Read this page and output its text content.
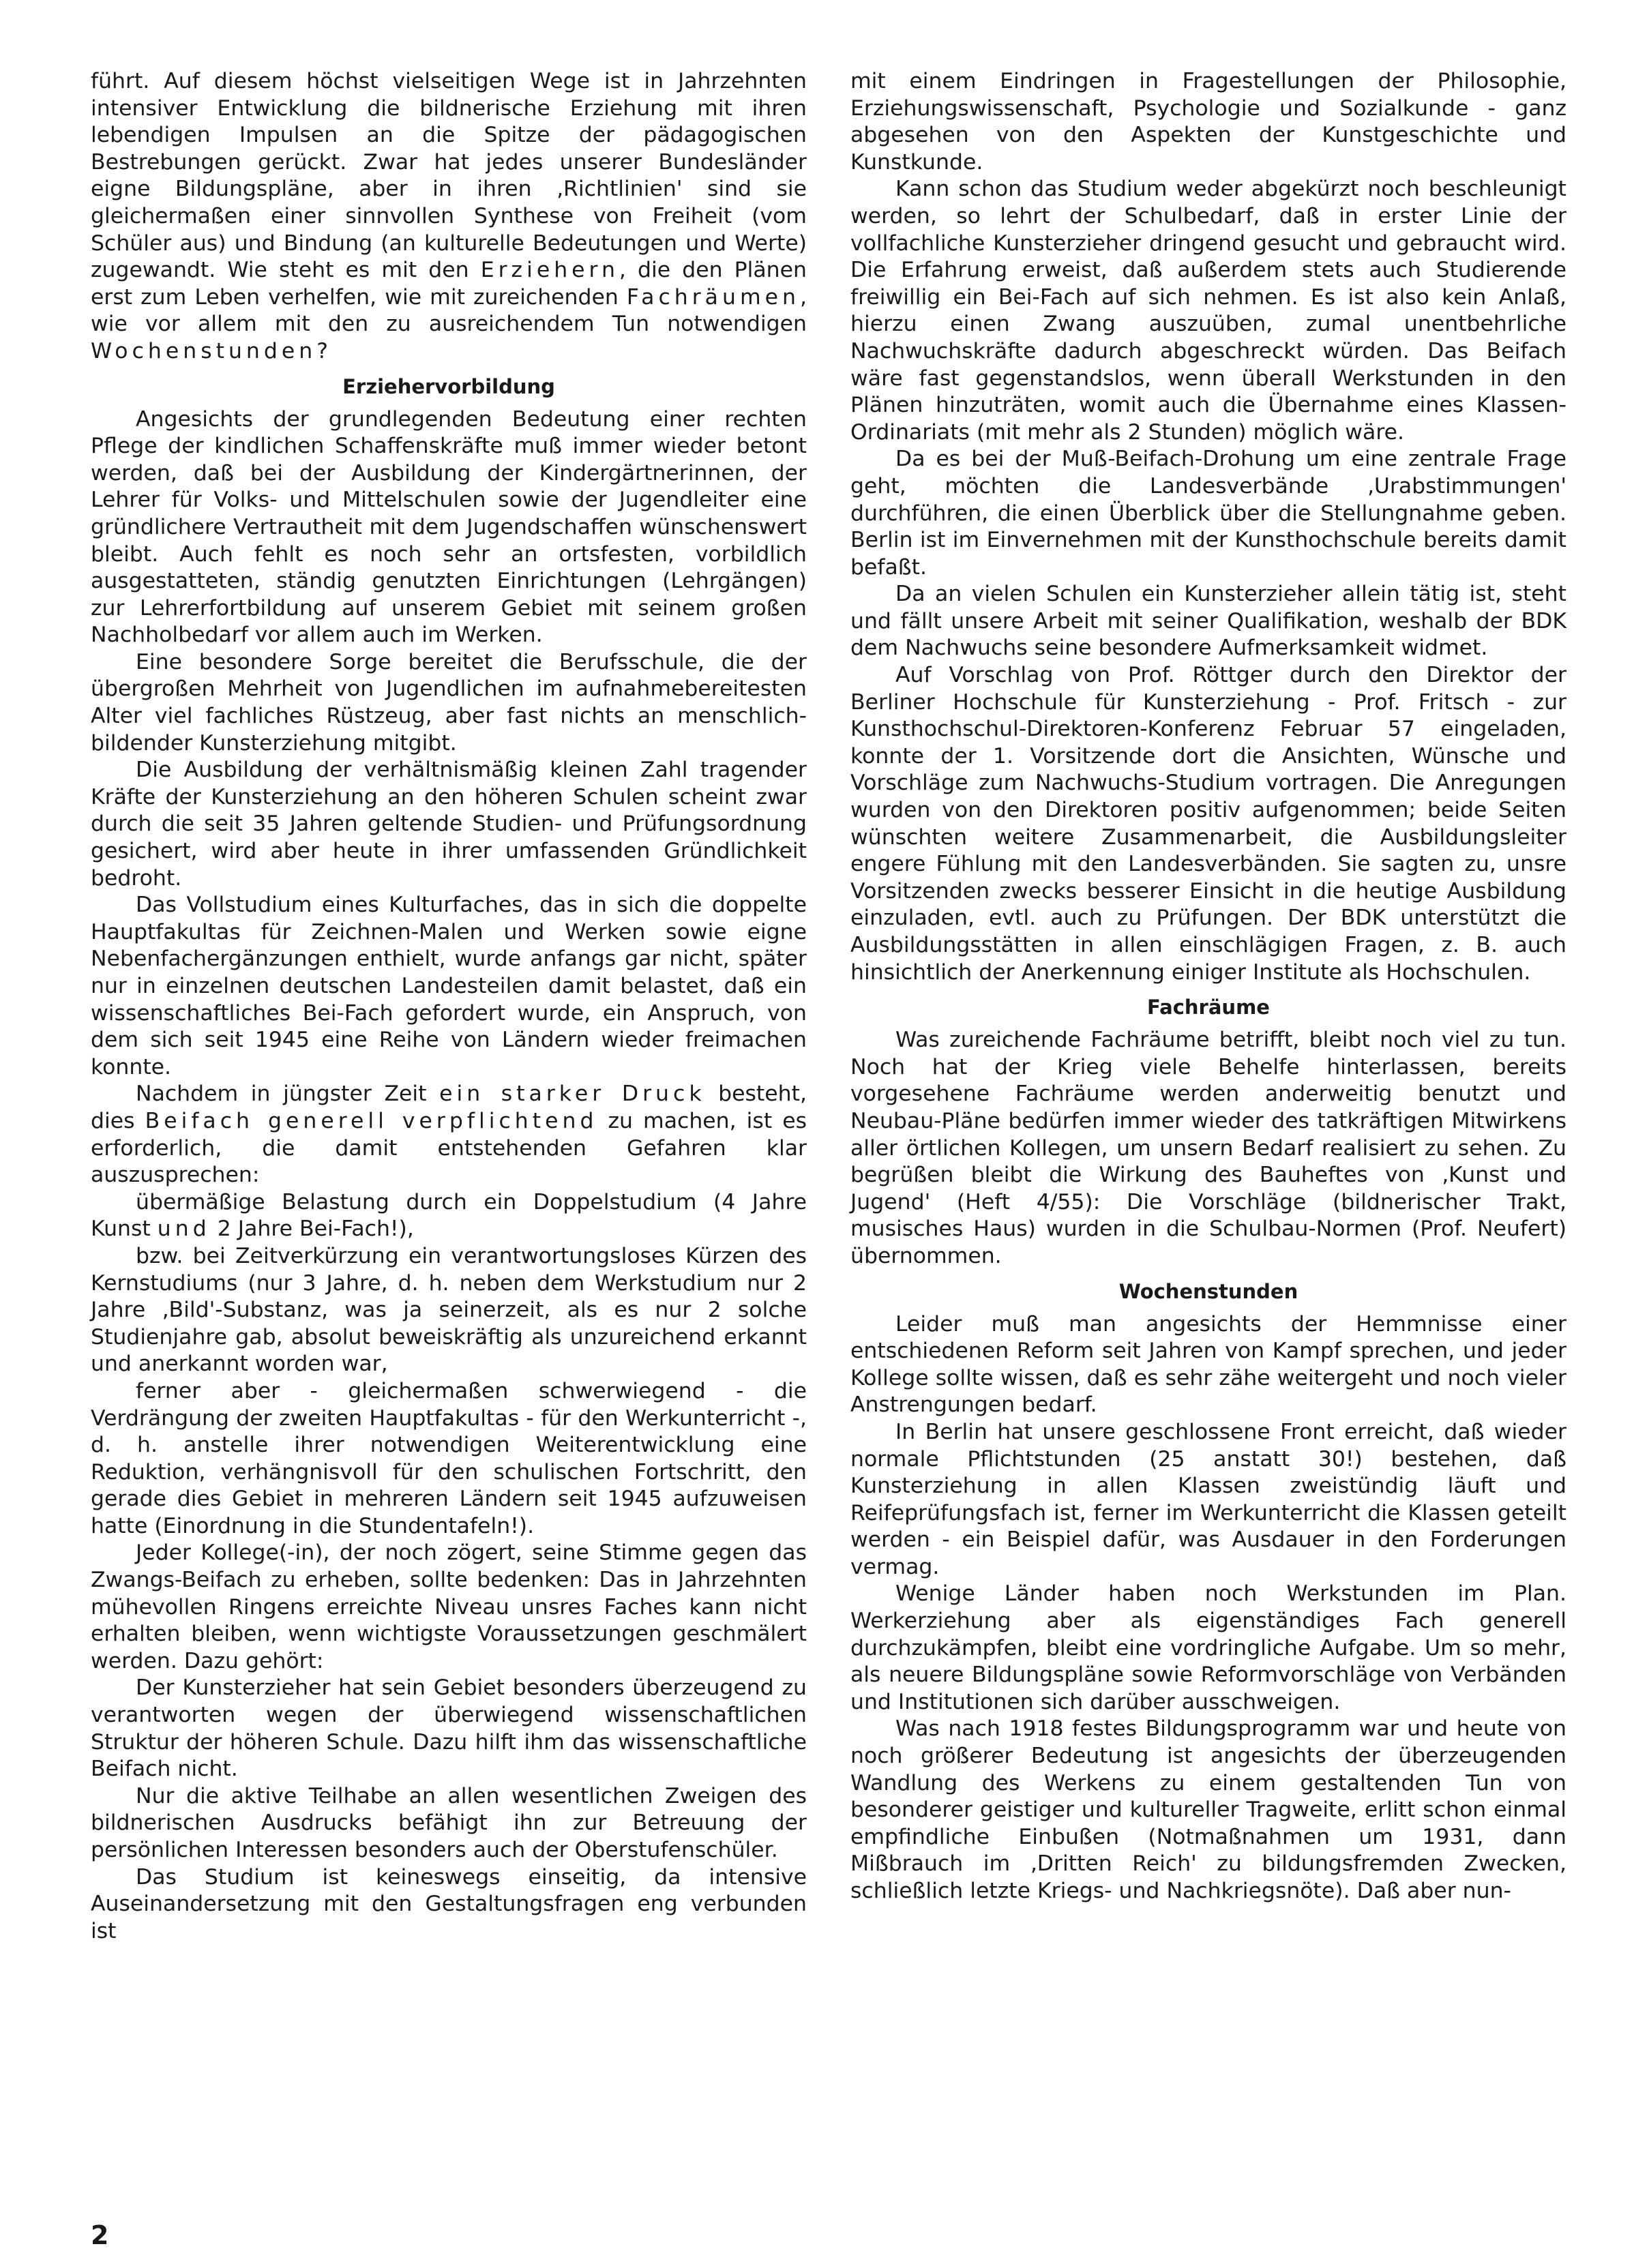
führt. Auf diesem höchst vielseitigen Wege ist in Jahrzehnten intensiver Entwicklung die bildnerische Erziehung mit ihren lebendigen Impulsen an die Spitze der pädagogischen Bestrebungen gerückt. Zwar hat jedes unserer Bundesländer eigne Bildungspläne, aber in ihren ‚Richtlinien' sind sie gleichermaßen einer sinnvollen Synthese von Freiheit (vom Schüler aus) und Bindung (an kulturelle Bedeutungen und Werte) zugewandt. Wie steht es mit den Erziehern, die den Plänen erst zum Leben verhelfen, wie mit zureichenden Fachräumen, wie vor allem mit den zu ausreichendem Tun notwendigen Wochenstunden?

Erziehervorbildung

Angesichts der grundlegenden Bedeutung einer rechten Pflege der kindlichen Schaffenskräfte muß immer wieder betont werden, daß bei der Ausbildung der Kindergärtnerinnen, der Lehrer für Volks- und Mittelschulen sowie der Jugendleiter eine gründlichere Vertrautheit mit dem Jugendschaffen wünschenswert bleibt. Auch fehlt es noch sehr an ortsfesten, vorbildlich ausgestatteten, ständig genutzten Einrichtungen (Lehrgängen) zur Lehrerfortbildung auf unserem Gebiet mit seinem großen Nachholbedarf vor allem auch im Werken.

Eine besondere Sorge bereitet die Berufsschule, die der übergroßen Mehrheit von Jugendlichen im aufnahmebereitesten Alter viel fachliches Rüstzeug, aber fast nichts an menschlich-bildender Kunsterziehung mitgibt.

Die Ausbildung der verhältnismäßig kleinen Zahl tragender Kräfte der Kunsterziehung an den höheren Schulen scheint zwar durch die seit 35 Jahren geltende Studien- und Prüfungsordnung gesichert, wird aber heute in ihrer umfassenden Gründlichkeit bedroht.

Das Vollstudium eines Kulturfaches, das in sich die doppelte Hauptfakultas für Zeichnen-Malen und Werken sowie eigne Nebenfachergänzungen enthielt, wurde anfangs gar nicht, später nur in einzelnen deutschen Landesteilen damit belastet, daß ein wissenschaftliches Bei-Fach gefordert wurde, ein Anspruch, von dem sich seit 1945 eine Reihe von Ländern wieder freimachen konnte.

Nachdem in jüngster Zeit ein starker Druck besteht, dies Beifach generell verpflichtend zu machen, ist es erforderlich, die damit entstehenden Gefahren klar auszusprechen:

übermäßige Belastung durch ein Doppelstudium (4 Jahre Kunst und 2 Jahre Bei-Fach!),

bzw. bei Zeitverkürzung ein verantwortungsloses Kürzen des Kernstudiums (nur 3 Jahre, d. h. neben dem Werkstudium nur 2 Jahre ‚Bild'-Substanz, was ja seinerzeit, als es nur 2 solche Studienjahre gab, absolut beweiskräftig als unzureichend erkannt und anerkannt worden war,

ferner aber - gleichermaßen schwerwiegend - die Verdrängung der zweiten Hauptfakultas - für den Werkunterricht -, d. h. anstelle ihrer notwendigen Weiterentwicklung eine Reduktion, verhängnisvoll für den schulischen Fortschritt, den gerade dies Gebiet in mehreren Ländern seit 1945 aufzuweisen hatte (Einordnung in die Stundentafeln!).

Jeder Kollege(-in), der noch zögert, seine Stimme gegen das Zwangs-Beifach zu erheben, sollte bedenken: Das in Jahrzehnten mühevollen Ringens erreichte Niveau unsres Faches kann nicht erhalten bleiben, wenn wichtigste Voraussetzungen geschmälert werden. Dazu gehört:

Der Kunsterzieher hat sein Gebiet besonders überzeugend zu verantworten wegen der überwiegend wissenschaftlichen Struktur der höheren Schule. Dazu hilft ihm das wissenschaftliche Beifach nicht.

Nur die aktive Teilhabe an allen wesentlichen Zweigen des bildnerischen Ausdrucks befähigt ihn zur Betreuung der persönlichen Interessen besonders auch der Oberstufenschüler.

Das Studium ist keineswegs einseitig, da intensive Auseinandersetzung mit den Gestaltungsfragen eng verbunden ist

mit einem Eindringen in Fragestellungen der Philosophie, Erziehungswissenschaft, Psychologie und Sozialkunde - ganz abgesehen von den Aspekten der Kunstgeschichte und Kunstkunde.

Kann schon das Studium weder abgekürzt noch beschleunigt werden, so lehrt der Schulbedarf, daß in erster Linie der vollfachliche Kunsterzieher dringend gesucht und gebraucht wird. Die Erfahrung erweist, daß außerdem stets auch Studierende freiwillig ein Bei-Fach auf sich nehmen. Es ist also kein Anlaß, hierzu einen Zwang auszuüben, zumal unentbehrliche Nachwuchskräfte dadurch abgeschreckt würden. Das Beifach wäre fast gegenstandslos, wenn überall Werkstunden in den Plänen hinzuträten, womit auch die Übernahme eines Klassen-Ordinariats (mit mehr als 2 Stunden) möglich wäre.

Da es bei der Muß-Beifach-Drohung um eine zentrale Frage geht, möchten die Landesverbände ‚Urabstimmungen' durchführen, die einen Überblick über die Stellungnahme geben. Berlin ist im Einvernehmen mit der Kunsthochschule bereits damit befaßt.

Da an vielen Schulen ein Kunsterzieher allein tätig ist, steht und fällt unsere Arbeit mit seiner Qualifikation, weshalb der BDK dem Nachwuchs seine besondere Aufmerksamkeit widmet.

Auf Vorschlag von Prof. Röttger durch den Direktor der Berliner Hochschule für Kunsterziehung - Prof. Fritsch - zur Kunsthochschul-Direktoren-Konferenz Februar 57 eingeladen, konnte der 1. Vorsitzende dort die Ansichten, Wünsche und Vorschläge zum Nachwuchs-Studium vortragen. Die Anregungen wurden von den Direktoren positiv aufgenommen; beide Seiten wünschten weitere Zusammenarbeit, die Ausbildungsleiter engere Fühlung mit den Landesverbänden. Sie sagten zu, unsre Vorsitzenden zwecks besserer Einsicht in die heutige Ausbildung einzuladen, evtl. auch zu Prüfungen. Der BDK unterstützt die Ausbildungsstätten in allen einschlägigen Fragen, z. B. auch hinsichtlich der Anerkennung einiger Institute als Hochschulen.

Fachräume

Was zureichende Fachräume betrifft, bleibt noch viel zu tun. Noch hat der Krieg viele Behelfe hinterlassen, bereits vorgesehene Fachräume werden anderweitig benutzt und Neubau-Pläne bedürfen immer wieder des tatkräftigen Mitwirkens aller örtlichen Kollegen, um unsern Bedarf realisiert zu sehen. Zu begrüßen bleibt die Wirkung des Bauheftes von ‚Kunst und Jugend' (Heft 4/55): Die Vorschläge (bildnerischer Trakt, musisches Haus) wurden in die Schulbau-Normen (Prof. Neufert) übernommen.

Wochenstunden

Leider muß man angesichts der Hemmnisse einer entschiedenen Reform seit Jahren von Kampf sprechen, und jeder Kollege sollte wissen, daß es sehr zähe weitergeht und noch vieler Anstrengungen bedarf.

In Berlin hat unsere geschlossene Front erreicht, daß wieder normale Pflichtstunden (25 anstatt 30!) bestehen, daß Kunsterziehung in allen Klassen zweistündig läuft und Reifeprüfungsfach ist, ferner im Werkunterricht die Klassen geteilt werden - ein Beispiel dafür, was Ausdauer in den Forderungen vermag.

Wenige Länder haben noch Werkstunden im Plan. Werkerziehung aber als eigenständiges Fach generell durchzukämpfen, bleibt eine vordringliche Aufgabe. Um so mehr, als neuere Bildungspläne sowie Reformvorschläge von Verbänden und Institutionen sich darüber ausschweigen.

Was nach 1918 festes Bildungsprogramm war und heute von noch größerer Bedeutung ist angesichts der überzeugenden Wandlung des Werkens zu einem gestaltenden Tun von besonderer geistiger und kultureller Tragweite, erlitt schon einmal empfindliche Einbußen (Notmaßnahmen um 1931, dann Mißbrauch im ‚Dritten Reich' zu bildungsfremden Zwecken, schließlich letzte Kriegs- und Nachkriegsnöte). Daß aber nun-

2
